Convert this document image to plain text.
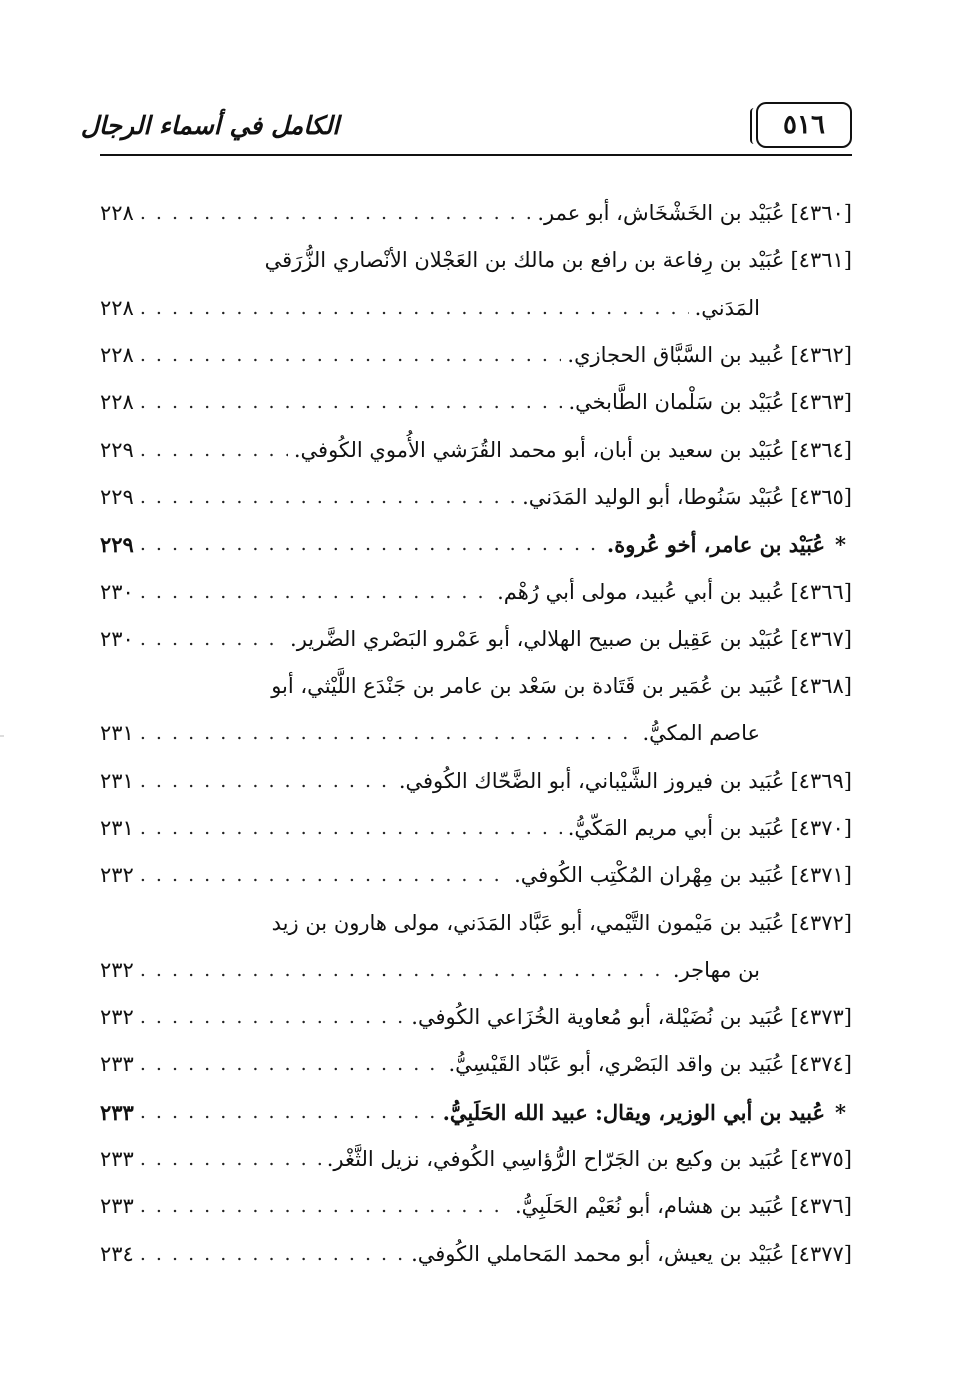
الكامل في أسماء الرجال	٥١٦
[٤٣٦٠]
عُبَيْد بن الخَشْخَاش، أبو عمر.
. . .
٢٢٨
[٤٣٦١]
عُبَيْد بن رِفاعة بن رافع بن مالك بن العَجْلان الأنْصاري الزُّرَقي
المَدَني.
. . .
٢٢٨
[٤٣٦٢]
عُبيد بن السَّبَّاق الحجازي.
. . .
٢٢٨
[٤٣٦٣]
عُبَيْد بن سَلْمان الطَّابخي.
. . .
٢٢٨
[٤٣٦٤]
عُبَيْد بن سعيد بن أبان، أبو محمد القُرَشي الأُموي الكُوفي.
. . .
٢٢٩
[٤٣٦٥]
عُبَيْد سَنُوطا، أبو الوليد المَدَني.
. . .
٢٢٩
*
عُبَيْد بن عامر، أخو عُروة.
. . .
٢٢٩
[٤٣٦٦]
عُبيد بن أبي عُبيد، مولى أبي رُهْم.
. . .
٢٣٠
[٤٣٦٧]
عُبَيْد بن عَقِيل بن صبيح الهلالي، أبو عَمْرو البَصْري الضَّرير.
. . .
٢٣٠
[٤٣٦٨]
عُبَيد بن عُمَير بن قَتَادة بن سَعْد بن عامر بن جَنْدَع اللَّيْثي، أبو
عاصم المكيُّ.
. . .
٢٣١
[٤٣٦٩]
عُبَيد بن فيروز الشَّيْباني، أبو الضَّحّاك الكُوفي.
. . .
٢٣١
[٤٣٧٠]
عُبَيد بن أبي مريم المَكّيُّ.
. . .
٢٣١
[٤٣٧١]
عُبَيد بن مِهْران المُكْتِب الكُوفي.
. . .
٢٣٢
[٤٣٧٢]
عُبَيد بن مَيْمون التَّيْمي، أبو عَبَّاد المَدَني، مولى هارون بن زيد
بن مهاجر.
. . .
٢٣٢
[٤٣٧٣]
عُبَيد بن نُضَيْلة، أبو مُعاوية الخُزَاعي الكُوفي.
. . .
٢٣٢
[٤٣٧٤]
عُبَيد بن واقد البَصْري، أبو عَبّاد القَيْسِيُّ.
. . .
٢٣٣
*
عُبيد بن أبي الوزير، ويقال: عبيد الله الحَلَبِيُّ.
. . .
٢٣٣
[٤٣٧٥]
عُبَيد بن وكيع بن الجَرّاح الرُّؤاسِي الكُوفي، نزيل الثَّغْر.
. . .
٢٣٣
[٤٣٧٦]
عُبَيد بن هشام، أبو نُعَيْم الحَلَبِيُّ.
. . .
٢٣٣
[٤٣٧٧]
عُبَيْد بن يعيش، أبو محمد المَحاملي الكُوفي.
. . .
٢٣٤
